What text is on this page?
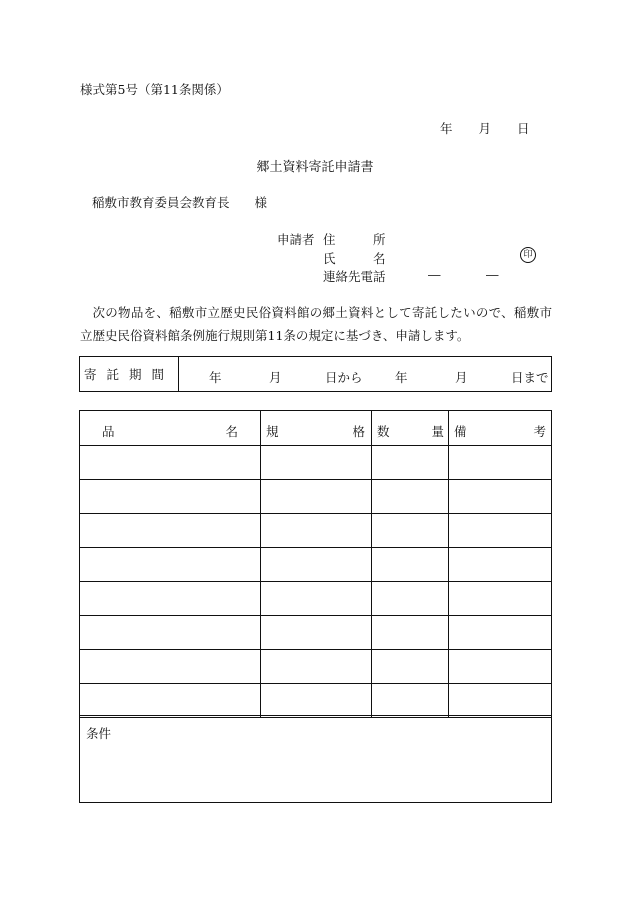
様式第5号（第11条関係）
年 月 日
郷土資料寄託申請書
稲敷市教育委員会教育長　　様
申請者 住　　　所
氏　　　名	印
連絡先電話	―	―
次の物品を、稲敷市立歴史民俗資料館の郷土資料として寄託したいので、稲敷市立歴史民俗資料館条例施行規則第11条の規定に基づき、申請します。
寄託期間	年	月	日から	年	月	日まで
品 名	規 格	数 量	備 考

条件
